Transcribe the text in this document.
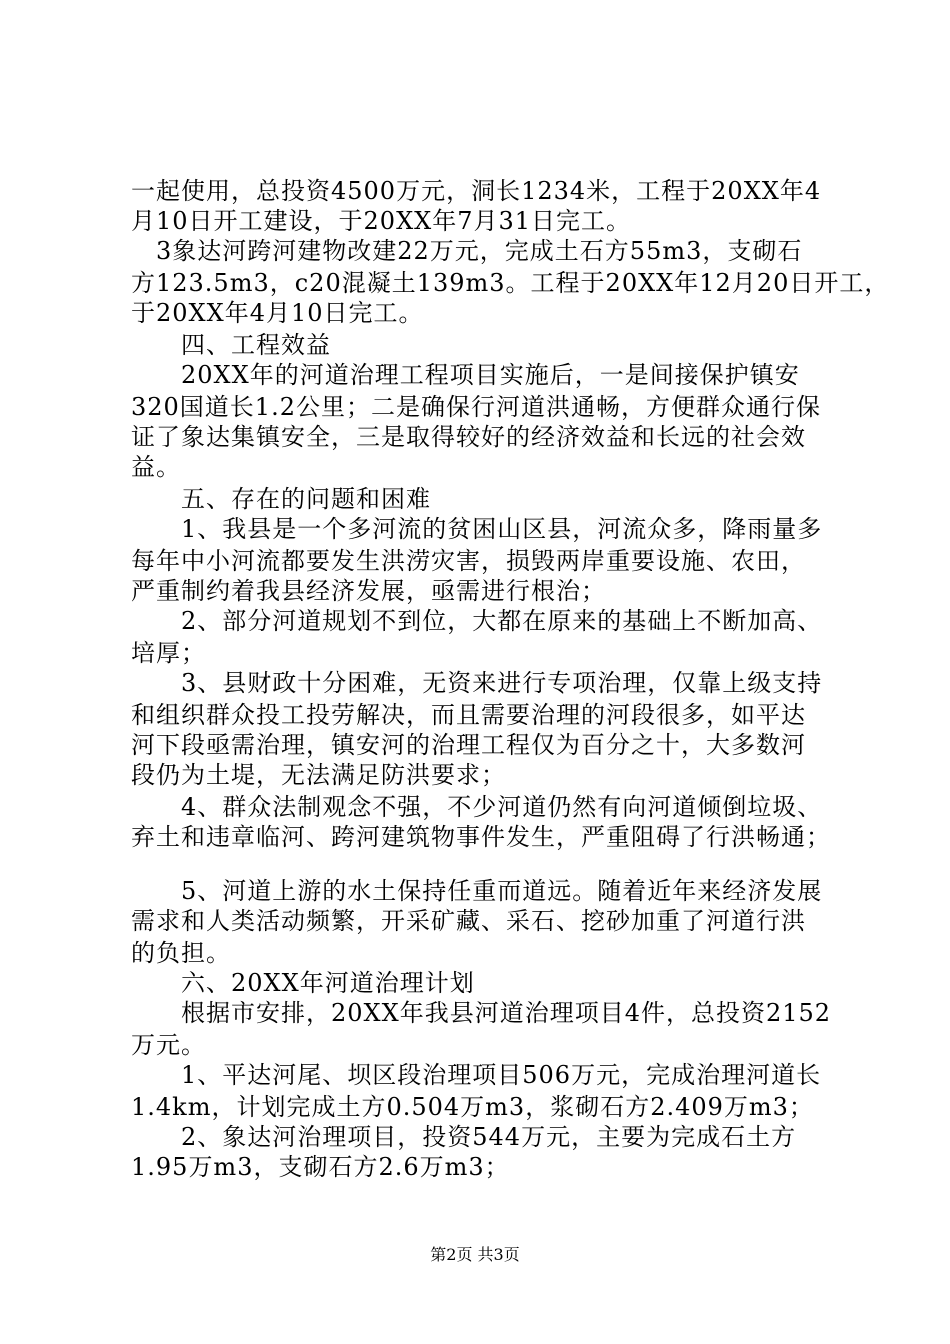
一起使用，总投资4500万元，洞长1234米，工程于20XX年4
月10日开工建设，于20XX年7月31日完工。
　3象达河跨河建物改建22万元，完成土石方55m3，支砌石
方123.5m3，c20混凝土139m3。工程于20XX年12月20日开工，
于20XX年4月10日完工。
　　四、工程效益
　　20XX年的河道治理工程项目实施后，一是间接保护镇安
320国道长1.2公里；二是确保行河道洪通畅，方便群众通行保
证了象达集镇安全，三是取得较好的经济效益和长远的社会效
益。
　　五、存在的问题和困难
　　1、我县是一个多河流的贫困山区县，河流众多，降雨量多
每年中小河流都要发生洪涝灾害，损毁两岸重要设施、农田，
严重制约着我县经济发展，亟需进行根治；
　　2、部分河道规划不到位，大都在原来的基础上不断加高、
培厚；
　　3、县财政十分困难，无资来进行专项治理，仅靠上级支持
和组织群众投工投劳解决，而且需要治理的河段很多，如平达
河下段亟需治理，镇安河的治理工程仅为百分之十，大多数河
段仍为土堤，无法满足防洪要求；
　　4、群众法制观念不强，不少河道仍然有向河道倾倒垃圾、
弃土和违章临河、跨河建筑物事件发生，严重阻碍了行洪畅通；
　　5、河道上游的水土保持任重而道远。随着近年来经济发展
需求和人类活动频繁，开采矿藏、采石、挖砂加重了河道行洪
的负担。
　　六、20XX年河道治理计划
　　根据市安排，20XX年我县河道治理项目4件，总投资2152
万元。
　　1、平达河尾、坝区段治理项目506万元，完成治理河道长
1.4km，计划完成土方0.504万m3，浆砌石方2.409万m3；
　　2、象达河治理项目，投资544万元，主要为完成石土方
1.95万m3，支砌石方2.6万m3；
第2页 共3页
